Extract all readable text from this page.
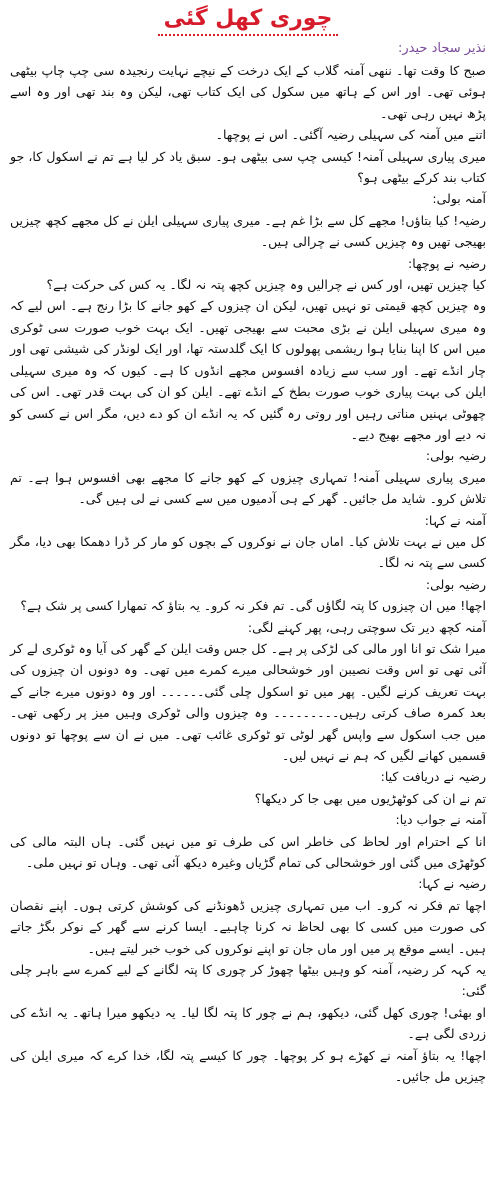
چوری کھل گئی
نذیر سجاد حیدر:

صبح کا وقت تھا۔ ننھی آمنہ گلاب کے ایک درخت کے نیچے نہایت رنجیدہ سی چپ چاپ بیٹھی ہوئی تھی۔ اور اس کے ہاتھ میں سکول کی ایک کتاب تھی، لیکن وہ بند تھی اور وہ اسے پڑھ نہیں رہی تھی۔

اتنے میں آمنہ کی سہیلی رضیہ آگئی۔ اس نے پوچھا۔

میری پیاری سہیلی آمنہ! کیسی چپ سی بیٹھی ہو۔ سبق یاد کر لیا ہے تم نے اسکول کا، جو کتاب بند کرکے بیٹھی ہو؟

آمنہ بولی:

رضیہ! کیا بتاؤں! مجھے کل سے بڑا غم ہے۔ میری پیاری سہیلی ایلن نے کل مجھے کچھ چیزیں بھیجی تھیں وہ چیزیں کسی نے چرالی ہیں۔

رضیہ نے پوچھا:

کیا چیزیں تھیں، اور کس نے چرالیں وہ چیزیں کچھ پتہ نہ لگا۔ یہ کس کی حرکت ہے؟

وہ چیزیں کچھ قیمتی تو نہیں تھیں، لیکن ان چیزوں کے کھو جانے کا بڑا رنج ہے۔ اس لیے کہ وہ میری سہیلی ایلن نے بڑی محبت سے بھیجی تھیں۔ ایک بہت خوب صورت سی ٹوکری میں اس کا اپنا بنایا ہوا ریشمی پھولوں کا ایک گلدستہ تھا، اور ایک لونڈر کی شیشی تھی اور چار انڈے تھے۔ اور سب سے زیادہ افسوس مجھے انڈوں کا ہے۔ کیوں کہ وہ میری سہیلی ایلن کی بہت پیاری خوب صورت بطخ کے انڈے تھے۔ ایلن کو ان کی بہت قدر تھی۔ اس کی چھوٹی بہنیں مناتی رہیں اور روتی رہ گئیں کہ یہ انڈے ان کو دے دیں، مگر اس نے کسی کو نہ دیے اور مجھے بھیج دیے۔

رضیہ بولی:

میری پیاری سہیلی آمنہ! تمہاری چیزوں کے کھو جانے کا مجھے بھی افسوس ہوا ہے۔ تم تلاش کرو۔ شاید مل جائیں۔ گھر کے ہی آدمیوں میں سے کسی نے لی ہیں گی۔

آمنہ نے کہا:

کل میں نے بہت تلاش کیا۔ اماں جان نے نوکروں کے بچوں کو مار کر ڈرا دھمکا بھی دیا، مگر کسی سے پتہ نہ لگا۔

رضیہ بولی:

اچھا! میں ان چیزوں کا پتہ لگاؤں گی۔ تم فکر نہ کرو۔ یہ بتاؤ کہ تمھارا کسی پر شک ہے؟

آمنہ کچھ دیر تک سوچتی رہی، پھر کہنے لگی:

میرا شک تو انا اور مالی کی لڑکی پر ہے۔ کل جس وقت ایلن کے گھر کی آیا وہ ٹوکری لے کر آئی تھی تو اس وقت نصیبن اور خوشحالی میرے کمرے میں تھی۔ وہ دونوں ان چیزوں کی بہت تعریف کرنے لگیں۔ پھر میں تو اسکول چلی گئی۔۔۔۔۔۔ اور وہ دونوں میرے جانے کے بعد کمرہ صاف کرتی رہیں۔۔۔۔۔۔۔۔۔ وہ چیزوں والی ٹوکری وہیں میز پر رکھی تھی۔ میں جب اسکول سے واپس گھر لوٹی تو ٹوکری غائب تھی۔ میں نے ان سے پوچھا تو دونوں قسمیں کھانے لگیں کہ ہم نے نہیں لیں۔

رضیہ نے دریافت کیا:

تم نے ان کی کوٹھڑیوں میں بھی جا کر دیکھا؟

آمنہ نے جواب دیا:

انا کے احترام اور لحاظ کی خاطر اس کی طرف تو میں نہیں گئی۔ ہاں البتہ مالی کی کوٹھڑی میں گئی اور خوشحالی کی تمام گڑیاں وغیرہ دیکھ آئی تھی۔ وہاں تو نہیں ملی۔

رضیہ نے کہا:

اچھا تم فکر نہ کرو۔ اب میں تمہاری چیزیں ڈھونڈنے کی کوشش کرتی ہوں۔ اپنے نقصان کی صورت میں کسی کا بھی لحاظ نہ کرنا چاہیے۔ ایسا کرنے سے گھر کے نوکر بگڑ جاتے ہیں۔ ایسے موقع پر میں اور ماں جان تو اپنے نوکروں کی خوب خبر لیتے ہیں۔

یہ کہہ کر رضیہ، آمنہ کو وہیں بیٹھا چھوڑ کر چوری کا پتہ لگانے کے لیے کمرے سے باہر چلی گئی:

او بھئی! چوری کھل گئی، دیکھو، ہم نے چور کا پتہ لگا لیا۔ یہ دیکھو میرا ہاتھ۔ یہ انڈے کی زردی لگی ہے۔

اچھا! یہ بتاؤ آمنہ نے کھڑے ہو کر پوچھا۔ چور کا کیسے پتہ لگا، خدا کرے کہ میری ایلن کی چیزیں مل جائیں۔
